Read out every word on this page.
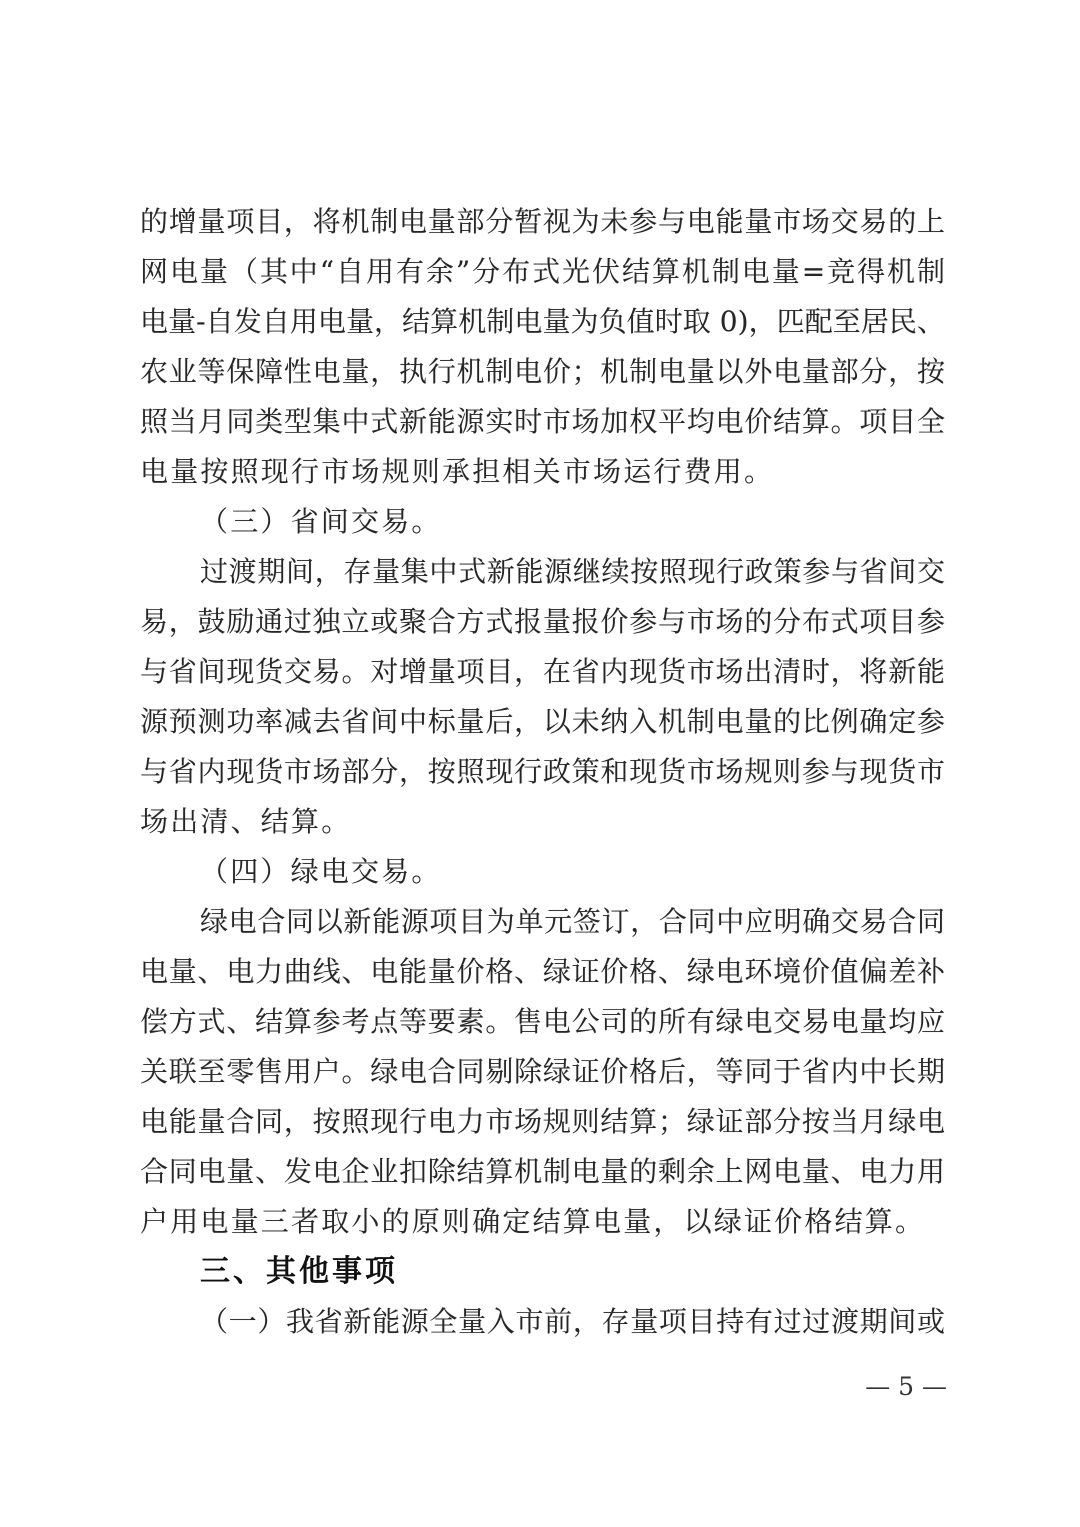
的增量项目，将机制电量部分暂视为未参与电能量市场交易的上
网电量（其中“自用有余”分布式光伏结算机制电量=竞得机制
电量-自发自用电量，结算机制电量为负值时取 0)，匹配至居民、
农业等保障性电量，执行机制电价；机制电量以外电量部分，按
照当月同类型集中式新能源实时市场加权平均电价结算。项目全
电量按照现行市场规则承担相关市场运行费用。
（三）省间交易。
过渡期间，存量集中式新能源继续按照现行政策参与省间交
易，鼓励通过独立或聚合方式报量报价参与市场的分布式项目参
与省间现货交易。对增量项目，在省内现货市场出清时，将新能
源预测功率减去省间中标量后，以未纳入机制电量的比例确定参
与省内现货市场部分，按照现行政策和现货市场规则参与现货市
场出清、结算。
（四）绿电交易。
绿电合同以新能源项目为单元签订，合同中应明确交易合同
电量、电力曲线、电能量价格、绿证价格、绿电环境价值偏差补
偿方式、结算参考点等要素。售电公司的所有绿电交易电量均应
关联至零售用户。绿电合同剔除绿证价格后，等同于省内中长期
电能量合同，按照现行电力市场规则结算；绿证部分按当月绿电
合同电量、发电企业扣除结算机制电量的剩余上网电量、电力用
户用电量三者取小的原则确定结算电量，以绿证价格结算。
三、其他事项
（一）我省新能源全量入市前，存量项目持有过过渡期间或
— 5 —
